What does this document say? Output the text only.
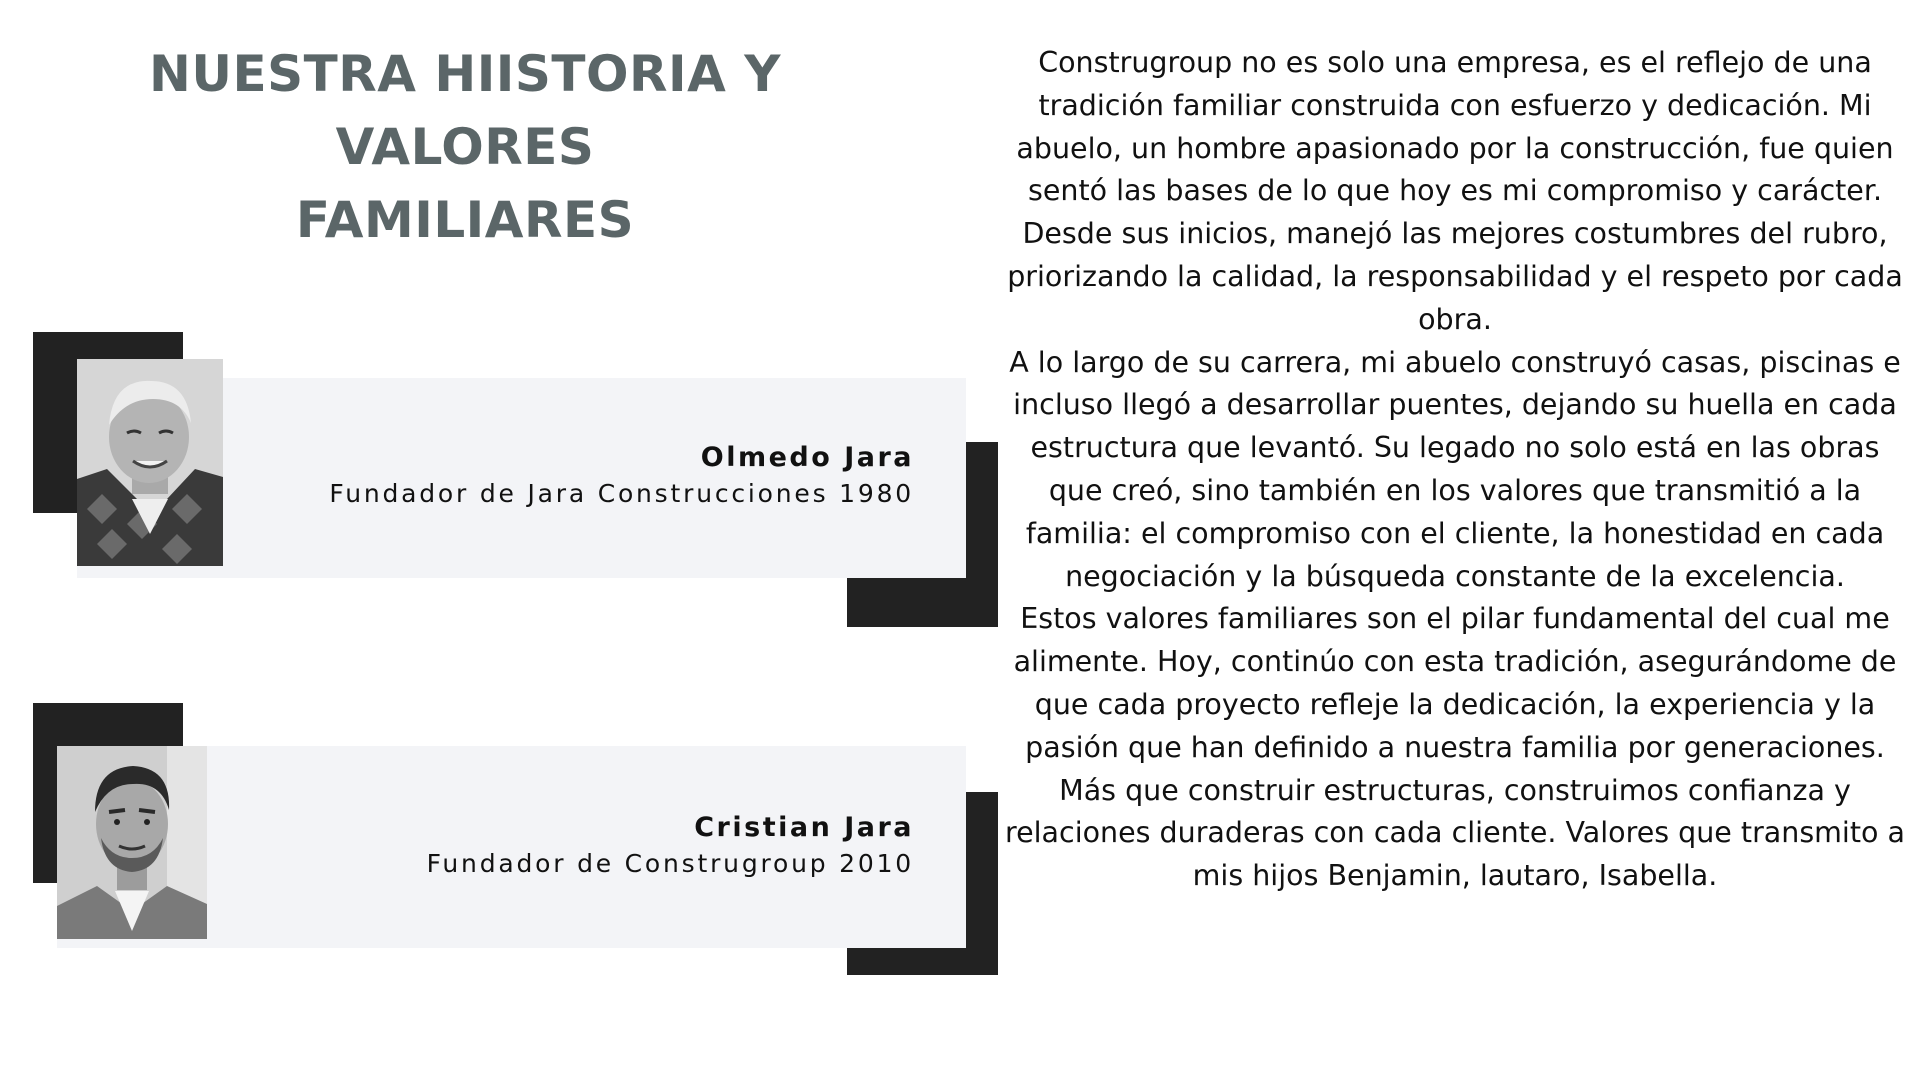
NUESTRA HIISTORIA Y VALORES
FAMILIARES
Olmedo Jara
Fundador de Jara Construcciones 1980
Cristian Jara
Fundador de Construgroup 2010

Construgroup no es solo una empresa, es el reflejo de una tradición familiar construida con esfuerzo y dedicación. Mi abuelo, un hombre apasionado por la construcción, fue quien sentó las bases de lo que hoy es mi compromiso y carácter. Desde sus inicios, manejó las mejores costumbres del rubro, priorizando la calidad, la responsabilidad y el respeto por cada obra.

A lo largo de su carrera, mi abuelo construyó casas, piscinas e incluso llegó a desarrollar puentes, dejando su huella en cada estructura que levantó. Su legado no solo está en las obras que creó, sino también en los valores que transmitió a la familia: el compromiso con el cliente, la honestidad en cada negociación y la búsqueda constante de la excelencia.

Estos valores familiares son el pilar fundamental del cual me alimente. Hoy, continúo con esta tradición, asegurándome de que cada proyecto refleje la dedicación, la experiencia y la pasión que han definido a nuestra familia por generaciones. Más que construir estructuras, construimos confianza y relaciones duraderas con cada cliente. Valores que transmito a mis hijos Benjamin, lautaro, Isabella.
